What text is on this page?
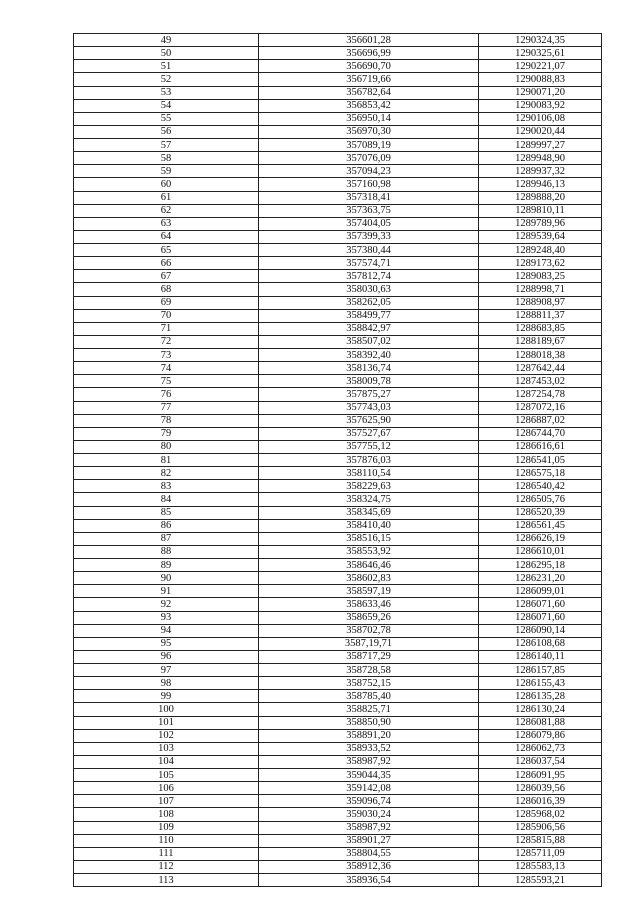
49	356601,28	1290324,35
50	356696,99	1290325,61
51	356690,70	1290221,07
52	356719,66	1290088,83
53	356782,64	1290071,20
54	356853,42	1290083,92
55	356950,14	1290106,08
56	356970,30	1290020,44
57	357089,19	1289997,27
58	357076,09	1289948,90
59	357094,23	1289937,32
60	357160,98	1289946,13
61	357318,41	1289888,20
62	357363,75	1289810,11
63	357404,05	1289789,96
64	357399,33	1289539,64
65	357380,44	1289248,40
66	357574,71	1289173,62
67	357812,74	1289083,25
68	358030,63	1288998,71
69	358262,05	1288908,97
70	358499,77	1288811,37
71	358842,97	1288683,85
72	358507,02	1288189,67
73	358392,40	1288018,38
74	358136,74	1287642,44
75	358009,78	1287453,02
76	357875,27	1287254,78
77	357743,03	1287072,16
78	357625,90	1286887,02
79	357527,67	1286744,70
80	357755,12	1286616,61
81	357876,03	1286541,05
82	358110,54	1286575,18
83	358229,63	1286540,42
84	358324,75	1286505,76
85	358345,69	1286520,39
86	358410,40	1286561,45
87	358516,15	1286626,19
88	358553,92	1286610,01
89	358646,46	1286295,18
90	358602,83	1286231,20
91	358597,19	1286099,01
92	358633,46	1286071,60
93	358659,26	1286071,60
94	358702,78	1286090,14
95	3587,19,71	1286108,68
96	358717,29	1286140,11
97	358728,58	1286157,85
98	358752,15	1286155,43
99	358785,40	1286135,28
100	358825,71	1286130,24
101	358850,90	1286081,88
102	358891,20	1286079,86
103	358933,52	1286062,73
104	358987,92	1286037,54
105	359044,35	1286091,95
106	359142,08	1286039,56
107	359096,74	1286016,39
108	359030,24	1285968,02
109	358987,92	1285906,56
110	358901,27	1285815,88
111	358804,55	1285711,09
112	358912,36	1285583,13
113	358936,54	1285593,21
